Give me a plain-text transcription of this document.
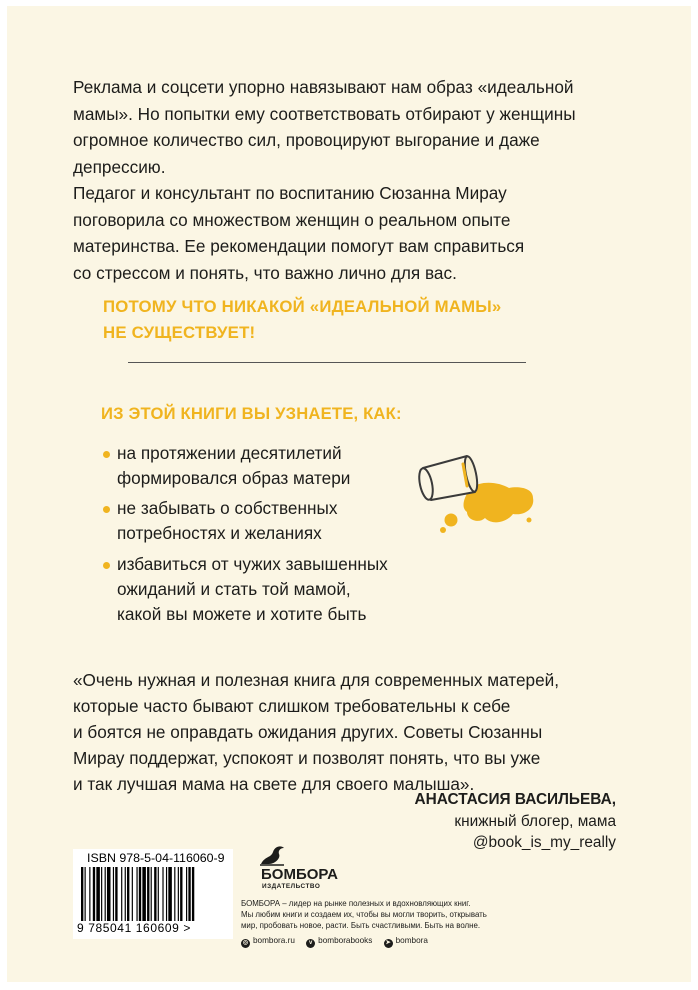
Реклама и соцсети упорно навязывают нам образ «идеальной
мамы». Но попытки ему соответствовать отбирают у женщины
огромное количество сил, провоцируют выгорание и даже
депрессию.
Педагог и консультант по воспитанию Сюзанна Мирау
поговорила со множеством женщин о реальном опыте
материнства. Ее рекомендации помогут вам справиться
со стрессом и понять, что важно лично для вас.
ПОТОМУ ЧТО НИКАКОЙ «ИДЕАЛЬНОЙ МАМЫ»
НЕ СУЩЕСТВУЕТ!
ИЗ ЭТОЙ КНИГИ ВЫ УЗНАЕТЕ, КАК:
на протяжении десятилетий
формировался образ матери
не забывать о собственных
потребностях и желаниях
избавиться от чужих завышенных
ожиданий и стать той мамой,
какой вы можете и хотите быть
«Очень нужная и полезная книга для современных матерей,
которые часто бывают слишком требовательны к себе
и боятся не оправдать ожидания других. Советы Сюзанны
Мирау поддержат, успокоят и позволят понять, что вы уже
и так лучшая мама на свете для своего малыша».
АНАСТАСИЯ ВАСИЛЬЕВА,
книжный блогер, мама
@book_is_my_really
ISBN 978-5-04-116060-9
9 785041 160609 >
БОМБОРА
ИЗДАТЕЛЬСТВО
БОМБОРА – лидер на рынке полезных и вдохновляющих книг.
Мы любим книги и создаем их, чтобы вы могли творить, открывать
мир, пробовать новое, расти. Быть счастливыми. Быть на волне.
◎ bombora.ru v bomborabooks ➤ bombora
